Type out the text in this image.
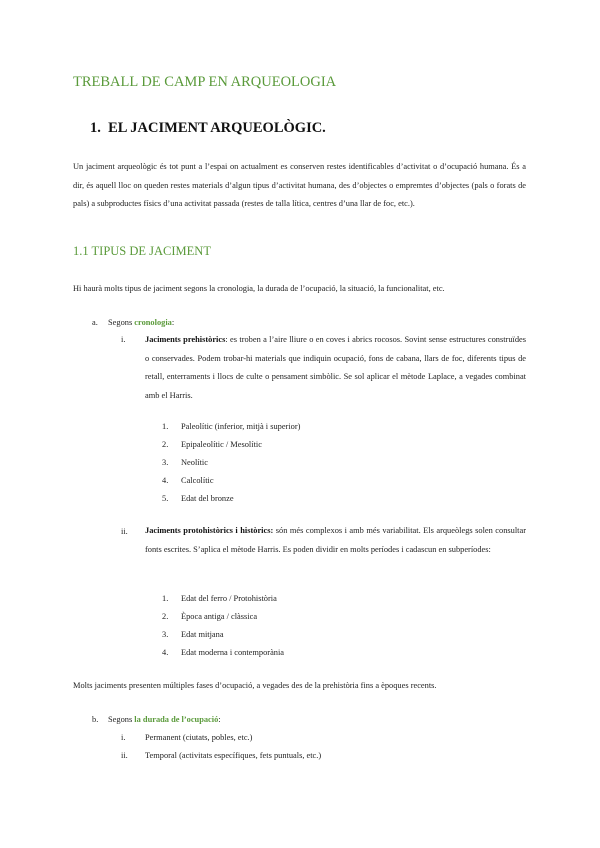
TREBALL DE CAMP EN ARQUEOLOGIA
1. EL JACIMENT ARQUEOLÒGIC.
Un jaciment arqueològic és tot punt a l’espai on actualment es conserven restes identificables d’activitat o d’ocupació humana. És a dir, és aquell lloc on queden restes materials d’algun tipus d’activitat humana, des d’objectes o empremtes d’objectes (pals o forats de pals) a subproductes físics d’una activitat passada (restes de talla lítica, centres d’una llar de foc, etc.).
1.1 TIPUS DE JACIMENT
Hi haurà molts tipus de jaciment segons la cronologia, la durada de l’ocupació, la situació, la funcionalitat, etc.
a. Segons cronologia:
i. Jaciments prehistòrics: es troben a l’aire lliure o en coves i abrics rocosos. Sovint sense estructures construïdes o conservades. Podem trobar-hi materials que indiquin ocupació, fons de cabana, llars de foc, diferents tipus de retall, enterraments i llocs de culte o pensament simbòlic. Se sol aplicar el mètode Laplace, a vegades combinat amb el Harris.
1. Paleolític (inferior, mitjà i superior)
2. Epipaleolític / Mesolític
3. Neolític
4. Calcolític
5. Edat del bronze
ii. Jaciments protohistòrics i històrics: són més complexos i amb més variabilitat. Els arqueòlegs solen consultar fonts escrites. S’aplica el mètode Harris. Es poden dividir en molts períodes i cadascun en subperíodes:
1. Edat del ferro / Protohistòria
2. Època antiga / clàssica
3. Edat mitjana
4. Edat moderna i contemporània
Molts jaciments presenten múltiples fases d’ocupació, a vegades des de la prehistòria fins a èpoques recents.
b. Segons la durada de l’ocupació:
i. Permanent (ciutats, pobles, etc.)
ii. Temporal (activitats específiques, fets puntuals, etc.)
